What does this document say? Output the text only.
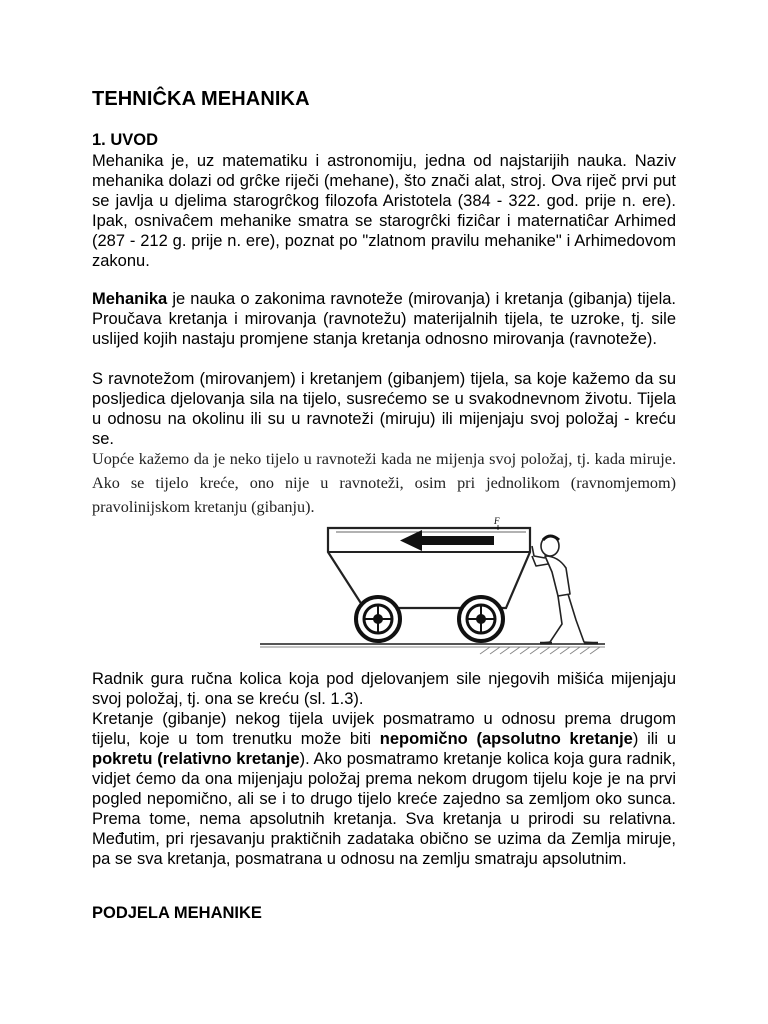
TEHNIĈKA MEHANIKA
1. UVOD

Mehanika je, uz matematiku i astronomiju, jedna od najstarijih nauka. Naziv mehanika dolazi od grĉke riječi (mehane), što znači alat, stroj. Ova riječ prvi put se javlja u djelima starogrĉkog filozofa Aristotela (384 - 322. god. prije n. ere). Ipak, osnivaĉem mehanike smatra se starogrĉki fiziĉar i maternatiĉar Arhimed (287 - 212 g. prije n. ere), poznat po "zlatnom pravilu mehanike" i Arhimedovom zakonu.

Mehanika je nauka o zakonima ravnoteže (mirovanja) i kretanja (gibanja) tijela. Proučava kretanja i mirovanja (ravnotežu) materijalnih tijela, te uzroke, tj. sile uslijed kojih nastaju promjene stanja kretanja odnosno mirovanja (ravnoteže).

S ravnotežom (mirovanjem) i kretanjem (gibanjem) tijela, sa koje kažemo da su posljedica djelovanja sila na tijelo, susrećemo se u svakodnevnom životu. Tijela u odnosu na okolinu ili su u ravnoteži (miruju) ili mijenjaju svoj položaj - kreću se.

Uopće kažemo da je neko tijelo u ravnoteži kada ne mijenja svoj položaj, tj. kada miruje. Ako se tijelo kreće, ono nije u ravnoteži, osim pri jednolikom (ravnomjemom) pravolinijskom kretanju (gibanju).

F

Radnik gura ručna kolica koja pod djelovanjem sile njegovih mišića mijenjaju svoj položaj, tj. ona se kreću (sl. 1.3).

Kretanje (gibanje) nekog tijela uvijek posmatramo u odnosu prema drugom tijelu, koje u tom trenutku može biti nepomično (apsolutno kretanje) ili u pokretu (relativno kretanje). Ako posmatramo kretanje kolica koja gura radnik, vidjet ćemo da ona mijenjaju položaj prema nekom drugom tijelu koje je na prvi pogled nepomično, ali se i to drugo tijelo kreće zajedno sa zemljom oko sunca. Prema tome, nema apsolutnih kretanja. Sva kretanja u prirodi su relativna. Međutim, pri rjesavanju praktičnih zadataka obično se uzima da Zemlja miruje, pa se sva kretanja, posmatrana u odnosu na zemlju smatraju apsolutnim.

PODJELA MEHANIKE
